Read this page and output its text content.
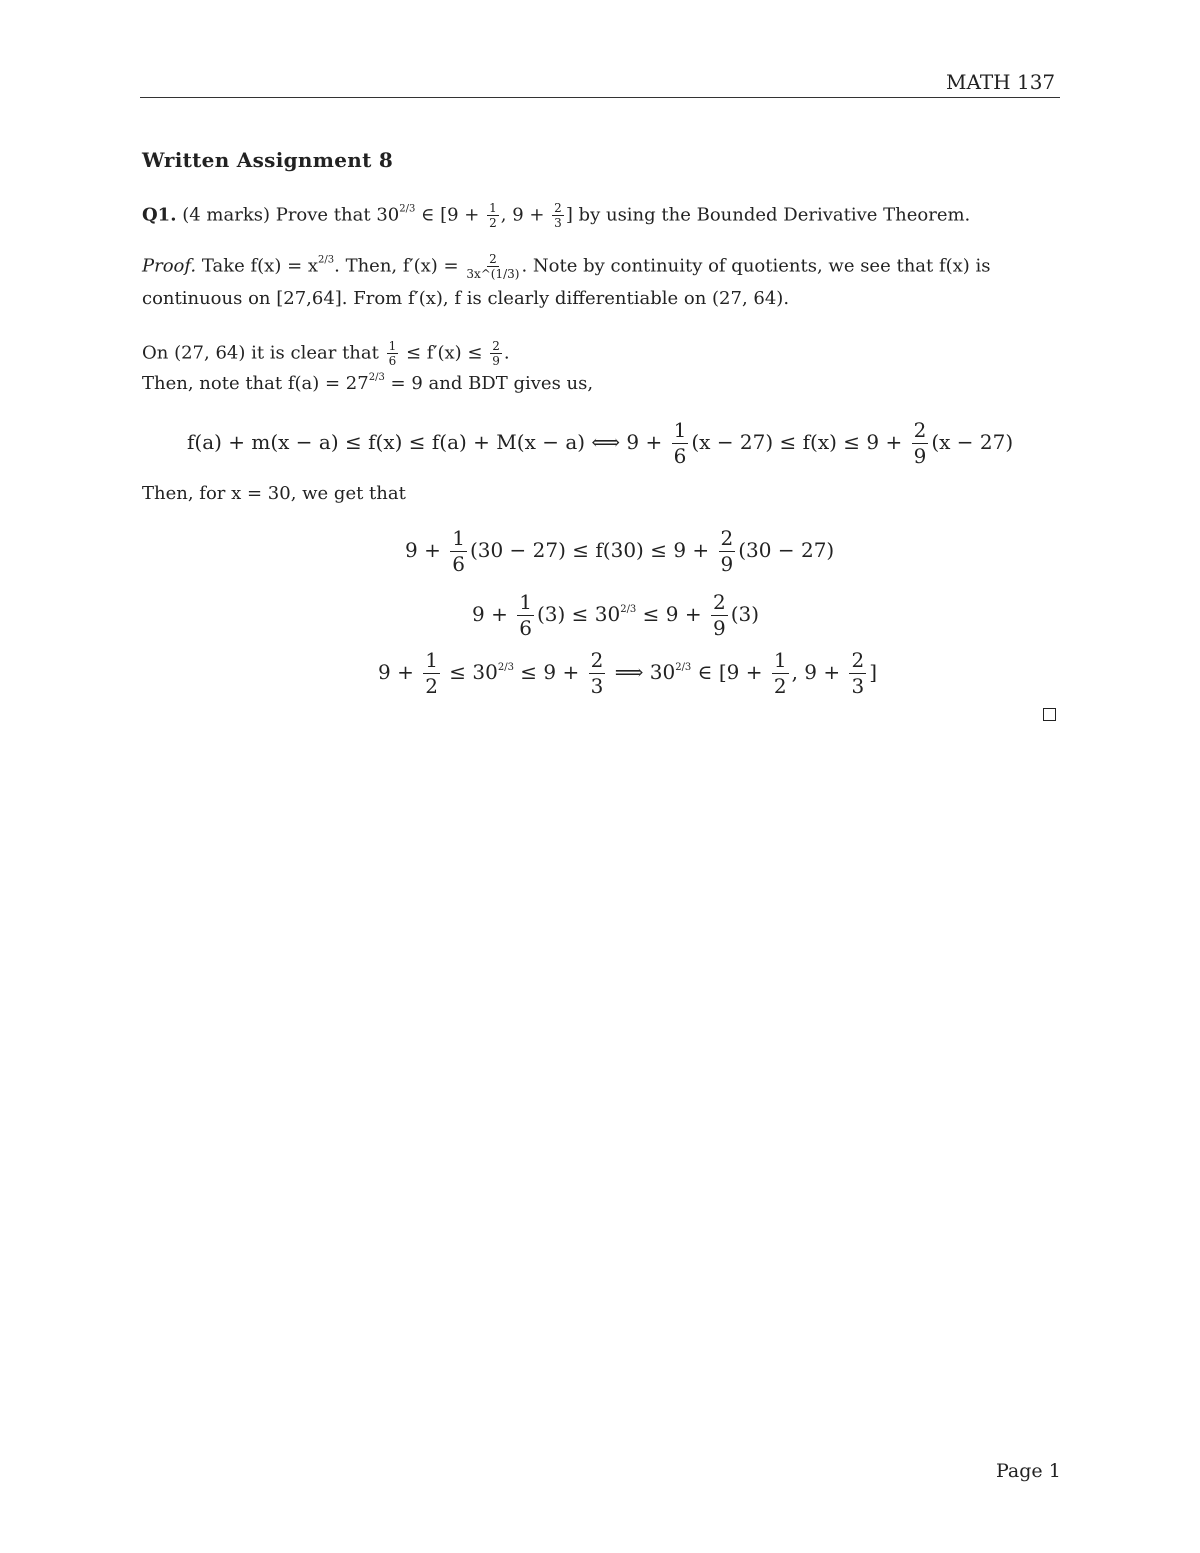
MATH 137
Written Assignment 8
Q1. (4 marks) Prove that $30^{2/3}$ ∈ [$9 + \frac{1}{2}$ , $9 + \frac{2}{3}$ ] by using the Bounded Derivative Theorem.
Proof. Take $f(x) = x^{2/3}$. Then, $f'(x) = \frac{2}{3x\^{}(1/3)}$ . Note by continuity of quotients, we see that f(x) is
continuous on [27,64]. From f′(x), f is clearly differentiable on (27, 64).
On (27, 64) it is clear that $\frac{1}{6} \le f'(x) \le \frac{2}{9}$ .
Then, note that $f(a) = 27^{2/3} = 9$ and BDT gives us,
f(a) + m(x − a) ≤ f(x) ≤ f(a) + M(x − a) ⟺ $9 + \frac{1}{6} (x - 27) \le f(x) \le 9 + \frac{2}{9} (x - 27)$
Then, for x = 30, we get that
$9 + \frac{1}{6} (30 - 27) \le f(30) \le 9 + \frac{2}{9} (30 - 27)$
$9 + \frac{1}{6} (3) \le 30^{2/3} \le 9 + \frac{2}{9} (3)$
$9 + \frac{1}{2} \le 30^{2/3} \le 9 + \frac{2}{3}$ ⟹ $30^{2/3}$ ∈ [$9 + \frac{1}{2}$ , $9 + \frac{2}{3}$ ]
Page 1
